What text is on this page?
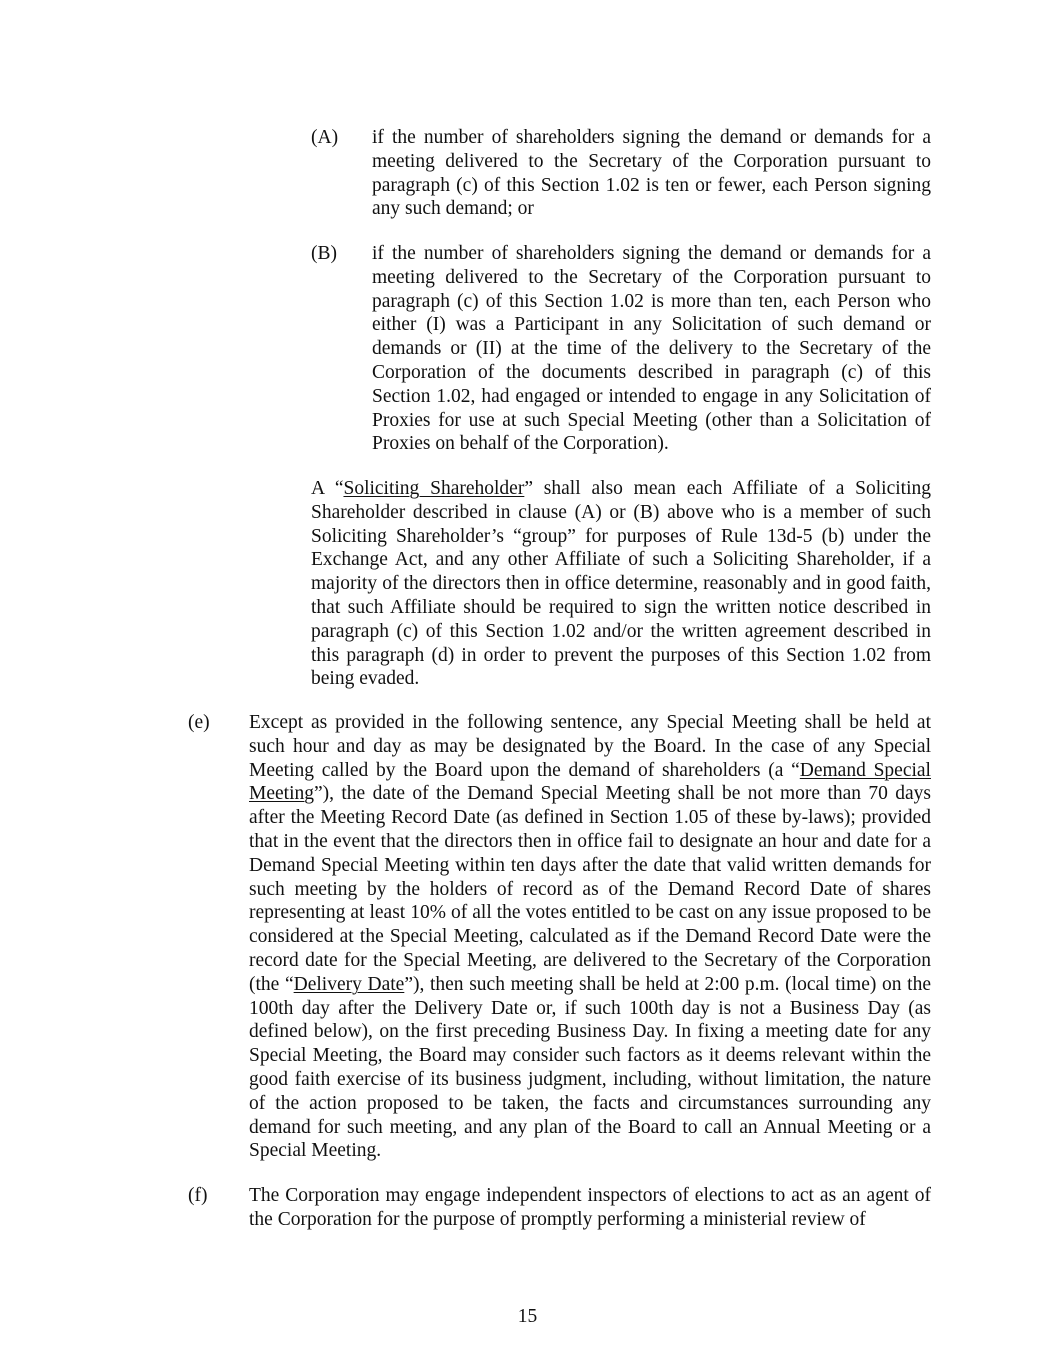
(A) if the number of shareholders signing the demand or demands for a meeting delivered to the Secretary of the Corporation pursuant to paragraph (c) of this Section 1.02 is ten or fewer, each Person signing any such demand; or
(B) if the number of shareholders signing the demand or demands for a meeting delivered to the Secretary of the Corporation pursuant to paragraph (c) of this Section 1.02 is more than ten, each Person who either (I) was a Participant in any Solicitation of such demand or demands or (II) at the time of the delivery to the Secretary of the Corporation of the documents described in paragraph (c) of this Section 1.02, had engaged or intended to engage in any Solicitation of Proxies for use at such Special Meeting (other than a Solicitation of Proxies on behalf of the Corporation).
A “Soliciting Shareholder” shall also mean each Affiliate of a Soliciting Shareholder described in clause (A) or (B) above who is a member of such Soliciting Shareholder’s “group” for purposes of Rule 13d-5 (b) under the Exchange Act, and any other Affiliate of such a Soliciting Shareholder, if a majority of the directors then in office determine, reasonably and in good faith, that such Affiliate should be required to sign the written notice described in paragraph (c) of this Section 1.02 and/or the written agreement described in this paragraph (d) in order to prevent the purposes of this Section 1.02 from being evaded.
(e) Except as provided in the following sentence, any Special Meeting shall be held at such hour and day as may be designated by the Board. In the case of any Special Meeting called by the Board upon the demand of shareholders (a “Demand Special Meeting”), the date of the Demand Special Meeting shall be not more than 70 days after the Meeting Record Date (as defined in Section 1.05 of these by-laws); provided that in the event that the directors then in office fail to designate an hour and date for a Demand Special Meeting within ten days after the date that valid written demands for such meeting by the holders of record as of the Demand Record Date of shares representing at least 10% of all the votes entitled to be cast on any issue proposed to be considered at the Special Meeting, calculated as if the Demand Record Date were the record date for the Special Meeting, are delivered to the Secretary of the Corporation (the “Delivery Date”), then such meeting shall be held at 2:00 p.m. (local time) on the 100th day after the Delivery Date or, if such 100th day is not a Business Day (as defined below), on the first preceding Business Day. In fixing a meeting date for any Special Meeting, the Board may consider such factors as it deems relevant within the good faith exercise of its business judgment, including, without limitation, the nature of the action proposed to be taken, the facts and circumstances surrounding any demand for such meeting, and any plan of the Board to call an Annual Meeting or a Special Meeting.
(f) The Corporation may engage independent inspectors of elections to act as an agent of the Corporation for the purpose of promptly performing a ministerial review of
15
